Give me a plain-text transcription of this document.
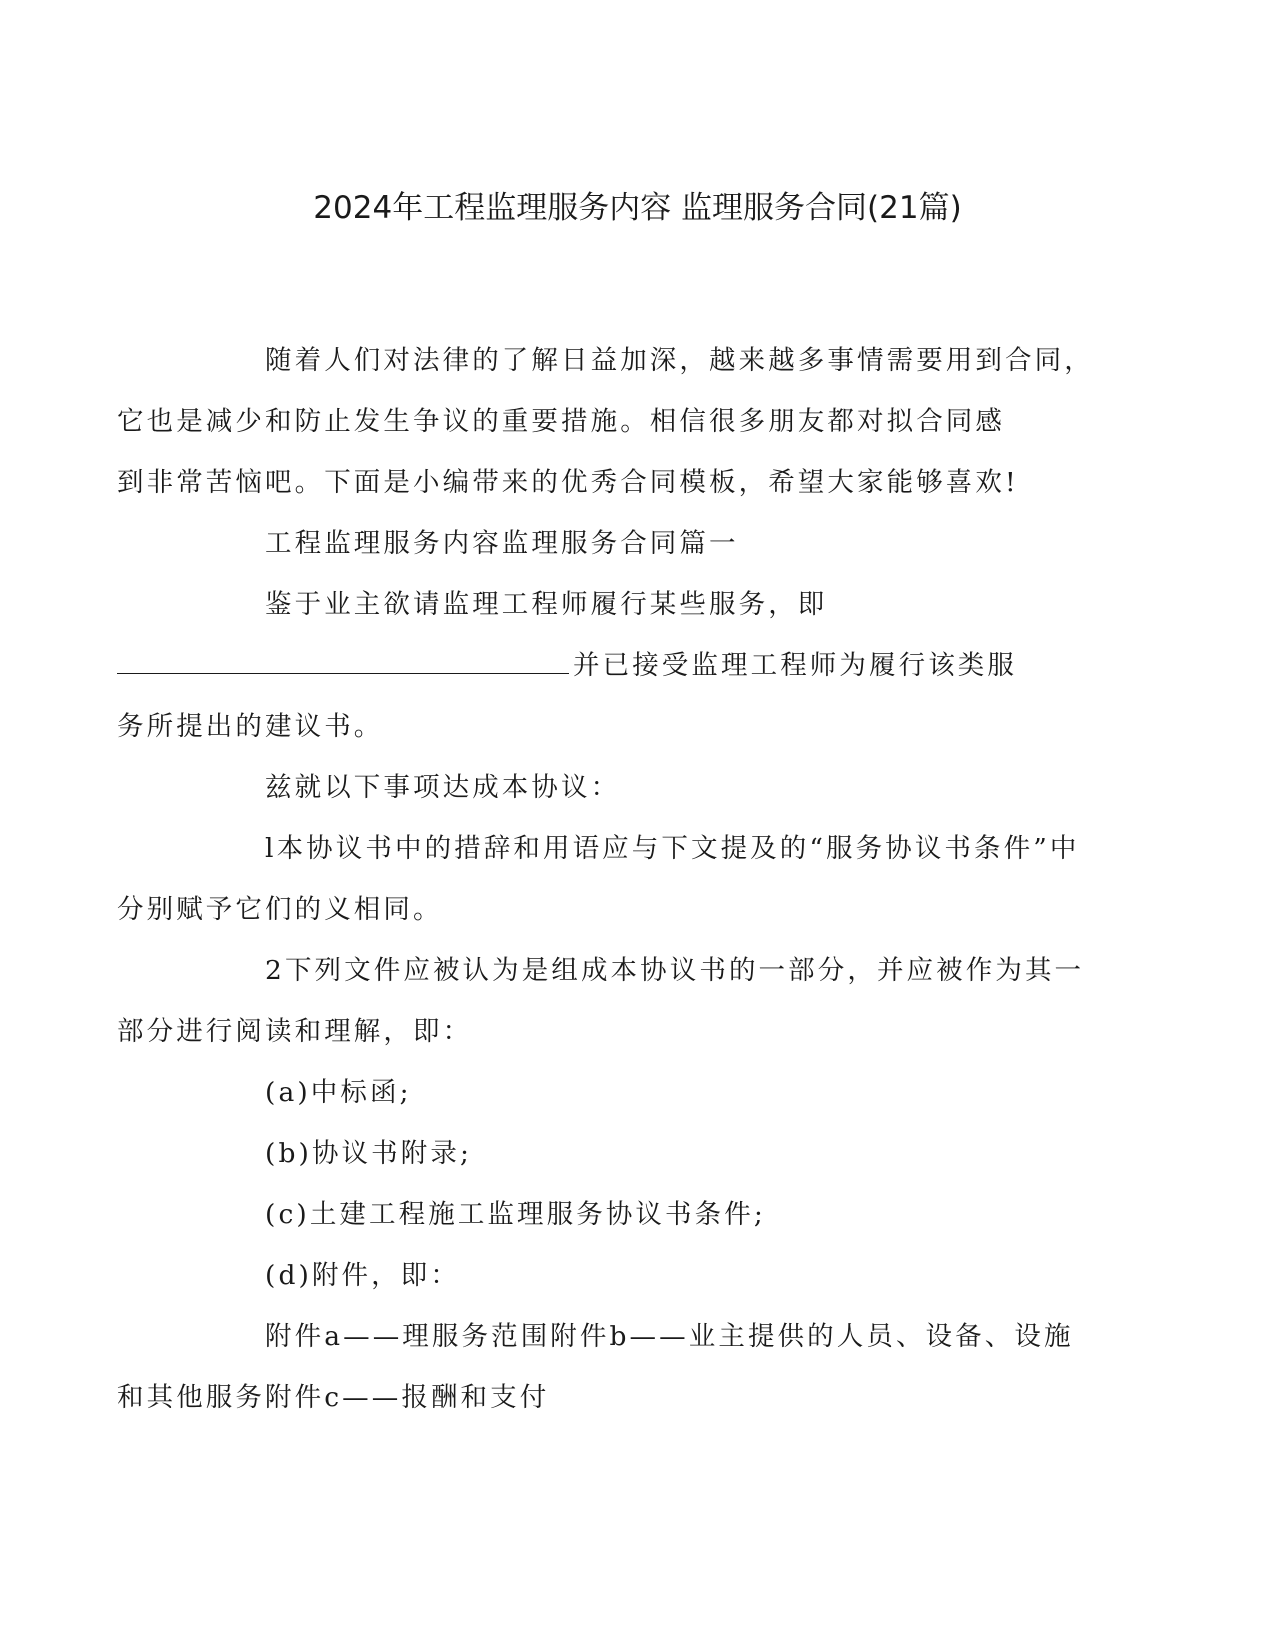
2024年工程监理服务内容 监理服务合同(21篇)

随着人们对法律的了解日益加深，越来越多事情需要用到合同，
它也是减少和防止发生争议的重要措施。相信很多朋友都对拟合同感
到非常苦恼吧。下面是小编带来的优秀合同模板，希望大家能够喜欢!

工程监理服务内容监理服务合同篇一

鉴于业主欲请监理工程师履行某些服务，即
并已接受监理工程师为履行该类服
务所提出的建议书。

兹就以下事项达成本协议：

l本协议书中的措辞和用语应与下文提及的“服务协议书条件”中
分别赋予它们的义相同。

2下列文件应被认为是组成本协议书的一部分，并应被作为其一
部分进行阅读和理解，即：

(a)中标函;

(b)协议书附录;

(c)土建工程施工监理服务协议书条件;

(d)附件，即：

附件a——理服务范围附件b——业主提供的人员、设备、设施
和其他服务附件c——报酬和支付
